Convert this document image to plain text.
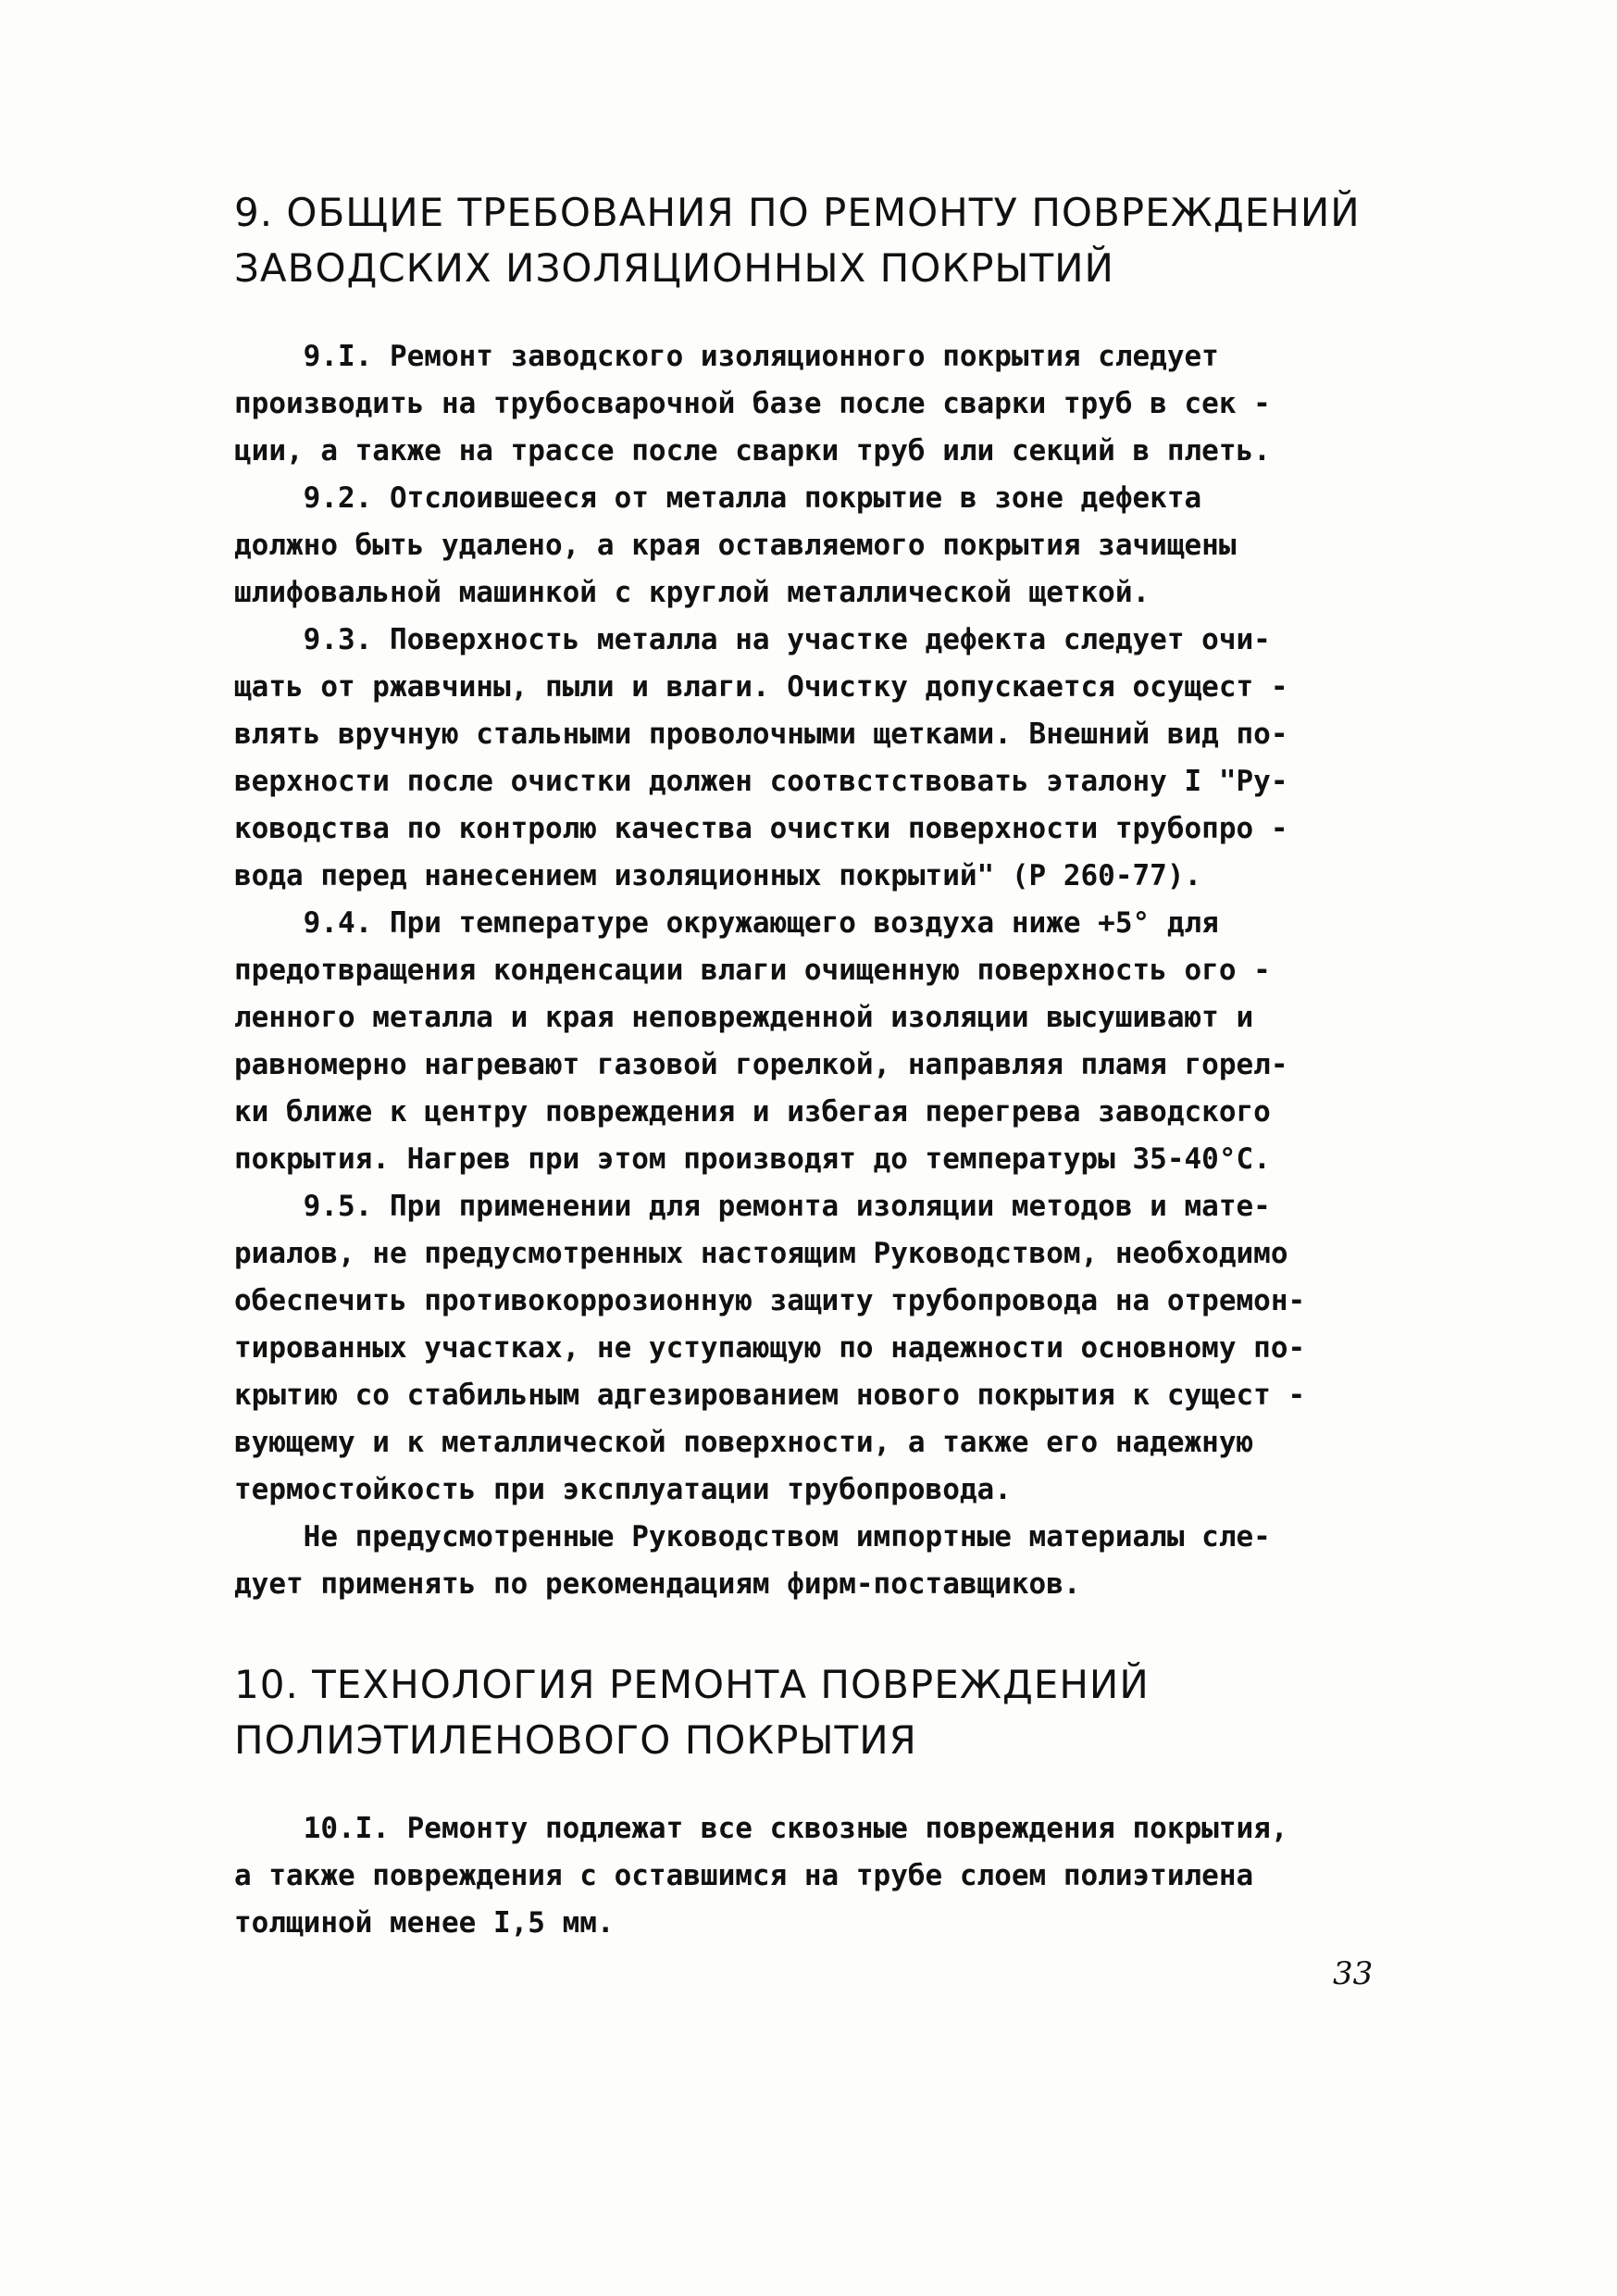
9. ОБЩИЕ ТРЕБОВАНИЯ ПО РЕМОНТУ ПОВРЕЖДЕНИЙ
ЗАВОДСКИХ ИЗОЛЯЦИОННЫХ ПОКРЫТИЙ

9.I. Ремонт заводского изоляционного покрытия следует
производить на трубосварочной базе после сварки труб в сек -
ции, а также на трассе после сварки труб или секций в плеть.

9.2. Отслоившееся от металла покрытие в зоне дефекта
должно быть удалено, а края оставляемого покрытия зачищены
шлифовальной машинкой с круглой металлической щеткой.

9.3. Поверхность металла на участке дефекта следует очи-
щать от ржавчины, пыли и влаги. Очистку допускается осущест -
влять вручную стальными проволочными щетками. Внешний вид по-
верхности после очистки должен соотвстствовать эталону I "Ру-
ководства по контролю качества очистки поверхности трубопро -
вода перед нанесением изоляционных покрытий" (Р 260-77).

9.4. При температуре окружающего воздуха ниже +5° для
предотвращения конденсации влаги очищенную поверхность ого -
ленного металла и края неповрежденной изоляции высушивают и
равномерно нагревают газовой горелкой, направляя пламя горел-
ки ближе к центру повреждения и избегая перегрева заводского
покрытия. Нагрев при этом производят до температуры 35-40°С.

9.5. При применении для ремонта изоляции методов и мате-
риалов, не предусмотренных настоящим Руководством, необходимо
обеспечить противокоррозионную защиту трубопровода на отремон-
тированных участках, не уступающую по надежности основному по-
крытию со стабильным адгезированием нового покрытия к сущест -
вующему и к металлической поверхности, а также его надежную
термостойкость при эксплуатации трубопровода.

Не предусмотренные Руководством импортные материалы сле-
дует применять по рекомендациям фирм-поставщиков.

10. ТЕХНОЛОГИЯ РЕМОНТА ПОВРЕЖДЕНИЙ
ПОЛИЭТИЛЕНОВОГО ПОКРЫТИЯ

10.I. Ремонту подлежат все сквозные повреждения покрытия,
а также повреждения с оставшимся на трубе слоем полиэтилена
толщиной менее I,5 мм.

33
